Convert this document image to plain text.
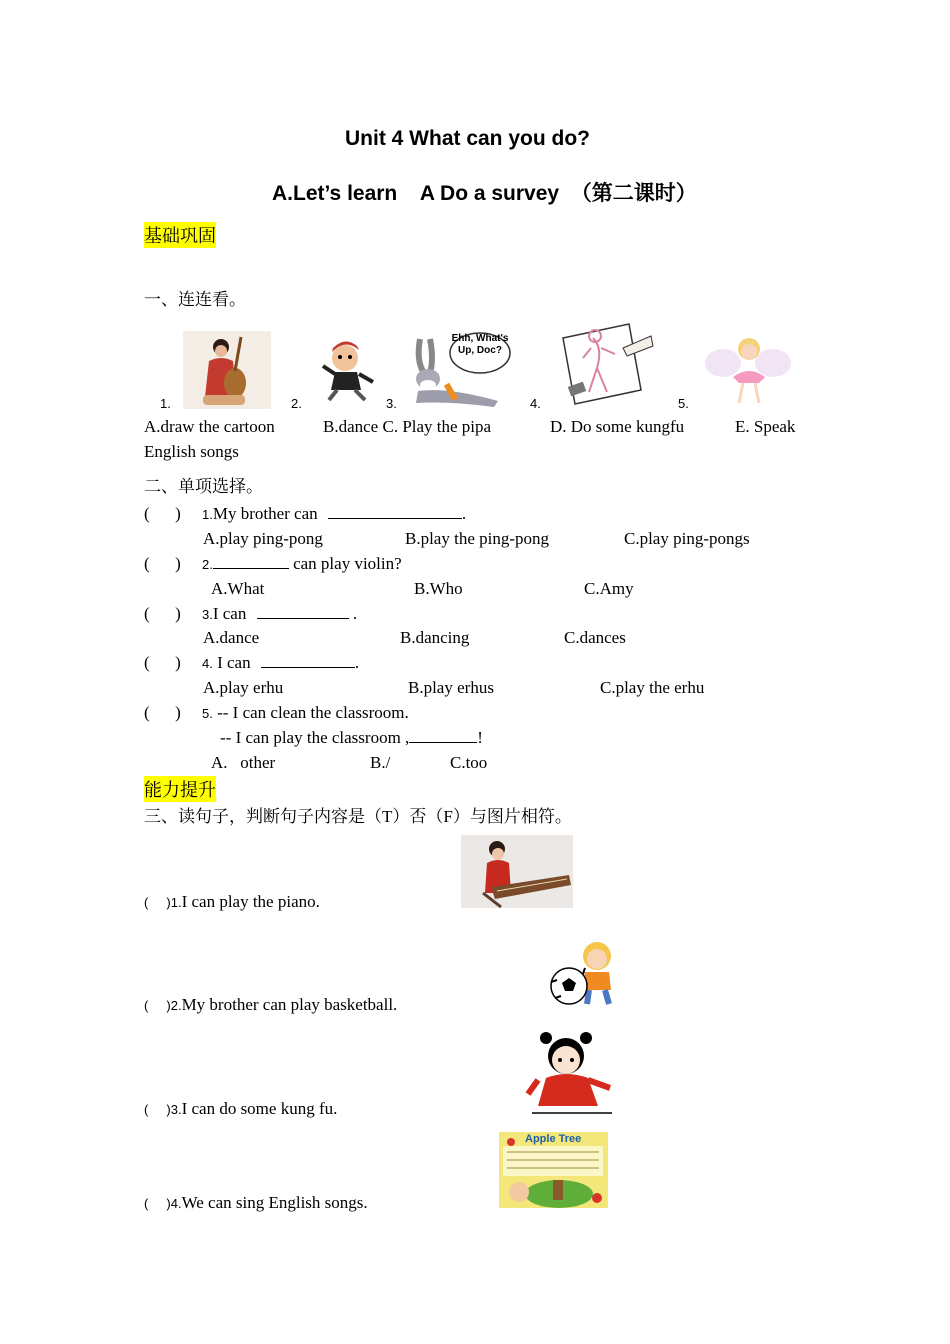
Unit 4 What can you do?
A.Let’s learn    A Do a survey  （第二课时）
基础巩固
一、连连看。
Ehh, What's Up, Doc?
1.	2.	3.	4.	5.
A.draw the cartoon	B.dance C. Play the pipa	D. Do some kungfu	E. Speak
English songs
二、单项选择。
(      ) 1.My brother can	.
A.play ping-pong	B.play the ping-pong	C.play ping-pongs
(      ) 2.	can play violin?
A.What	B.Who	C.Amy
(      ) 3.I can	.
A.dance	B.dancing	C.dances
(      ) 4. I can	.
A.play erhu	B.play erhus	C.play the erhu
(      ) 5. -- I can clean the classroom.
-- I can play the classroom ,	!
A.   other	B./	C.too
能力提升
三、读句子，判断句子内容是（T）否（F）与图片相符。
(     )1.I can play the piano.
(     )2.My brother can play basketball.
(     )3.I can do some kung fu.
Apple Tree
(     )4.We can sing English songs.
